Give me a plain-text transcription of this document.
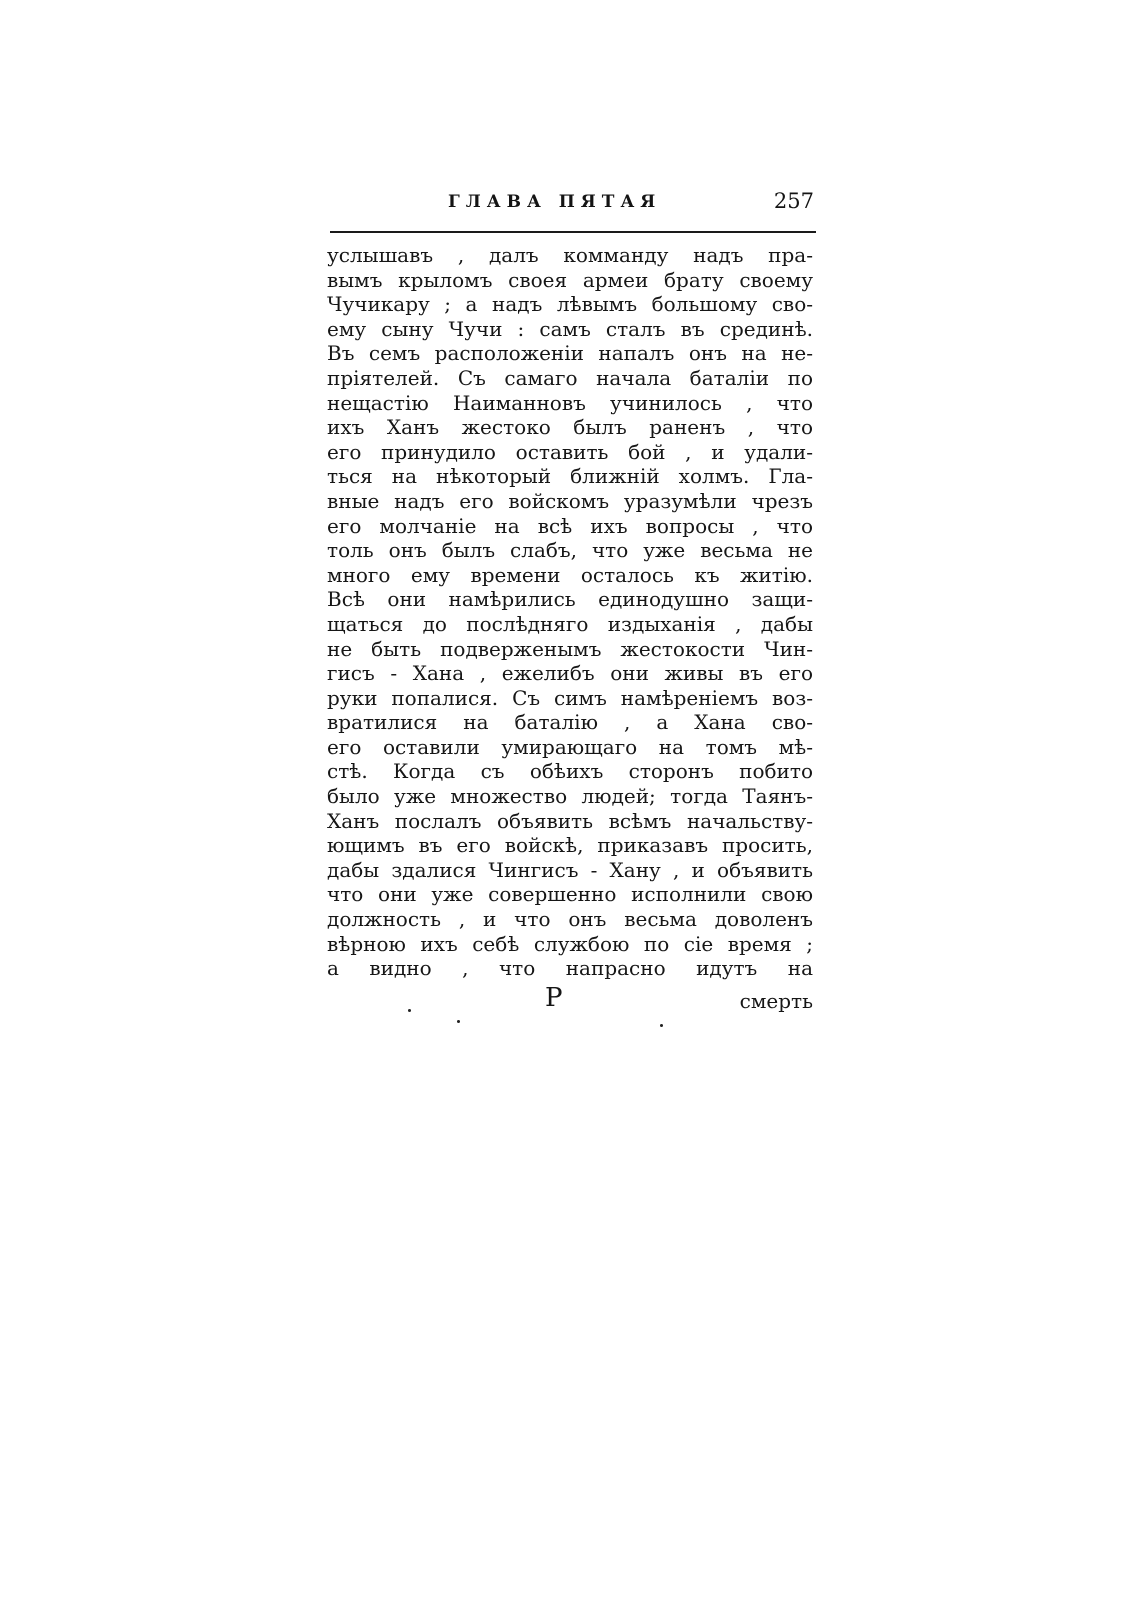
ГЛАВА ПЯТАЯ	257
услышавъ , далъ комманду надъ пра-
вымъ крыломъ своея армеи брату своему
Чучикару ; а надъ лѣвымъ большому сво-
ему сыну Чучи : самъ сталъ въ срединѣ.
Въ семъ расположеніи напалъ онъ на не-
пріятелей. Съ самаго начала баталіи по
нещастію Наиманновъ учинилось , что
ихъ Ханъ жестоко былъ раненъ , что
его принудило оставить бой , и удали-
ться на нѣкоторый ближній холмъ. Гла-
вные надъ его войскомъ уразумѣли чрезъ
его молчаніе на всѣ ихъ вопросы , что
толь онъ былъ слабъ, что уже весьма не
много ему времени осталось къ житію.
Всѣ они намѣрились единодушно защи-
щаться до послѣдняго издыханія , дабы
не быть подверженымъ жестокости Чин-
гисъ - Хана , ежелибъ они живы въ его
руки попалися. Съ симъ намѣреніемъ воз-
вратилися на баталію , а Хана сво-
его оставили умирающаго на томъ мѣ-
стѣ. Когда съ обѣихъ сторонъ побито
было уже множество людей; тогда Таянъ-
Ханъ послалъ объявить всѣмъ начальству-
ющимъ въ его войскѣ, приказавъ просить,
дабы здалися Чингисъ - Хану , и объявить
что они уже совершенно исполнили свою
должность , и что онъ весьма доволенъ
вѣрною ихъ себѣ службою по сіе время ;
а видно , что напрасно идутъ на
Р	смерть
